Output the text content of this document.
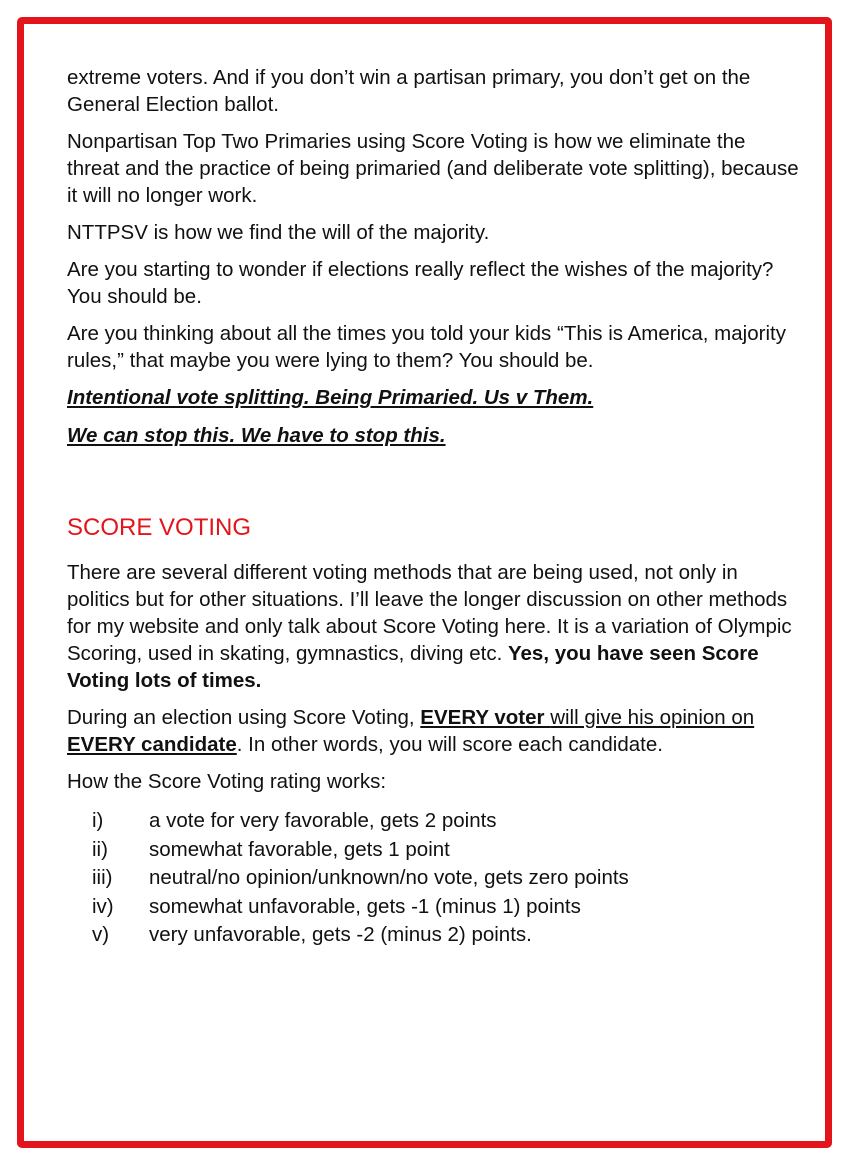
extreme voters. And if you don’t win a partisan primary, you don’t get on the General Election ballot.

Nonpartisan Top Two Primaries using Score Voting is how we eliminate the threat and the practice of being primaried (and deliberate vote splitting), because it will no longer work.

NTTPSV is how we find the will of the majority.

Are you starting to wonder if elections really reflect the wishes of the majority? You should be.

Are you thinking about all the times you told your kids “This is America, majority rules,” that maybe you were lying to them? You should be.

Intentional vote splitting. Being Primaried. Us v Them.

We can stop this. We have to stop this.

SCORE VOTING

There are several different voting methods that are being used, not only in politics but for other situations. I’ll leave the longer discussion on other methods for my website and only talk about Score Voting here. It is a variation of Olympic Scoring, used in skating, gymnastics, diving etc. Yes, you have seen Score Voting lots of times.

During an election using Score Voting, EVERY voter will give his opinion on EVERY candidate. In other words, you will score each candidate.

How the Score Voting rating works:

i)	a vote for very favorable, gets 2 points
ii)	somewhat favorable, gets 1 point
iii)	neutral/no opinion/unknown/no vote, gets zero points
iv)	somewhat unfavorable, gets -1 (minus 1) points
v)	very unfavorable, gets -2 (minus 2) points.
